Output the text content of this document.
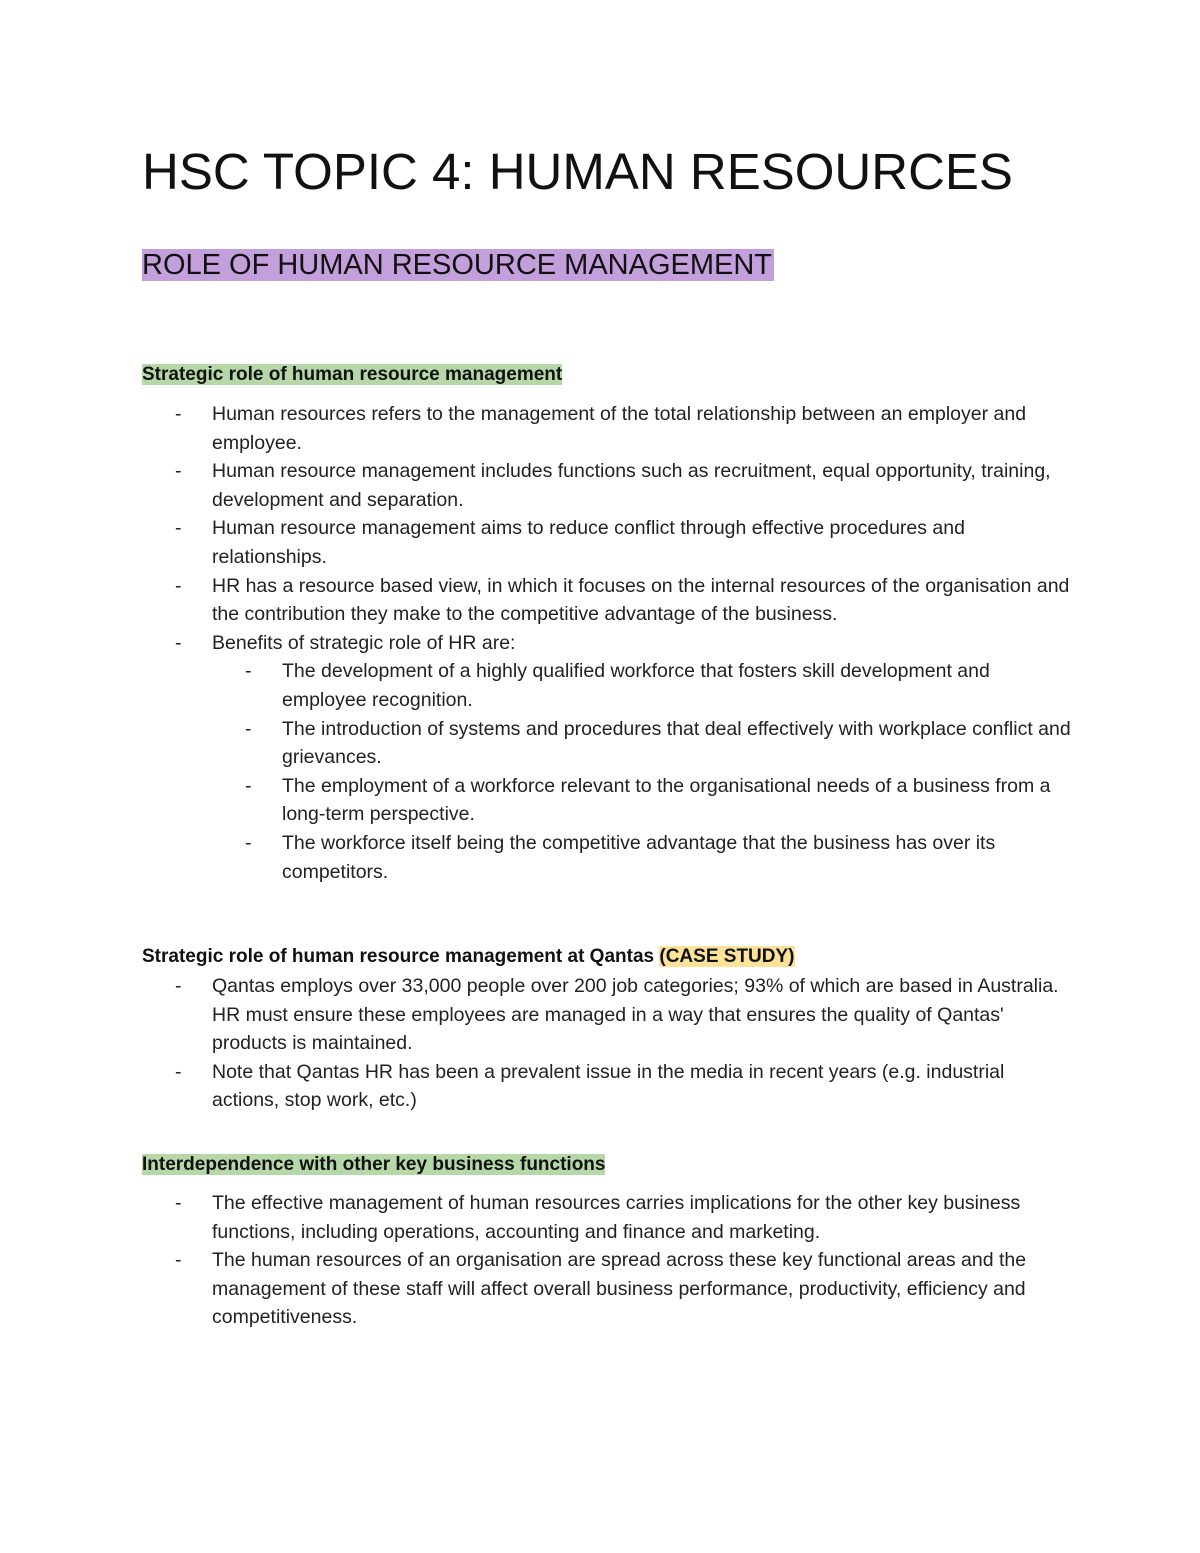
HSC TOPIC 4: HUMAN RESOURCES
ROLE OF HUMAN RESOURCE MANAGEMENT
Strategic role of human resource management
- Human resources refers to the management of the total relationship between an employer and employee.
- Human resource management includes functions such as recruitment, equal opportunity, training, development and separation.
- Human resource management aims to reduce conflict through effective procedures and relationships.
- HR has a resource based view, in which it focuses on the internal resources of the organisation and the contribution they make to the competitive advantage of the business.
- Benefits of strategic role of HR are:
- The development of a highly qualified workforce that fosters skill development and employee recognition.
- The introduction of systems and procedures that deal effectively with workplace conflict and grievances.
- The employment of a workforce relevant to the organisational needs of a business from a long-term perspective.
- The workforce itself being the competitive advantage that the business has over its competitors.
Strategic role of human resource management at Qantas (CASE STUDY)
- Qantas employs over 33,000 people over 200 job categories; 93% of which are based in Australia. HR must ensure these employees are managed in a way that ensures the quality of Qantas' products is maintained.
- Note that Qantas HR has been a prevalent issue in the media in recent years (e.g. industrial actions, stop work, etc.)
Interdependence with other key business functions
- The effective management of human resources carries implications for the other key business functions, including operations, accounting and finance and marketing.
- The human resources of an organisation are spread across these key functional areas and the management of these staff will affect overall business performance, productivity, efficiency and competitiveness.
